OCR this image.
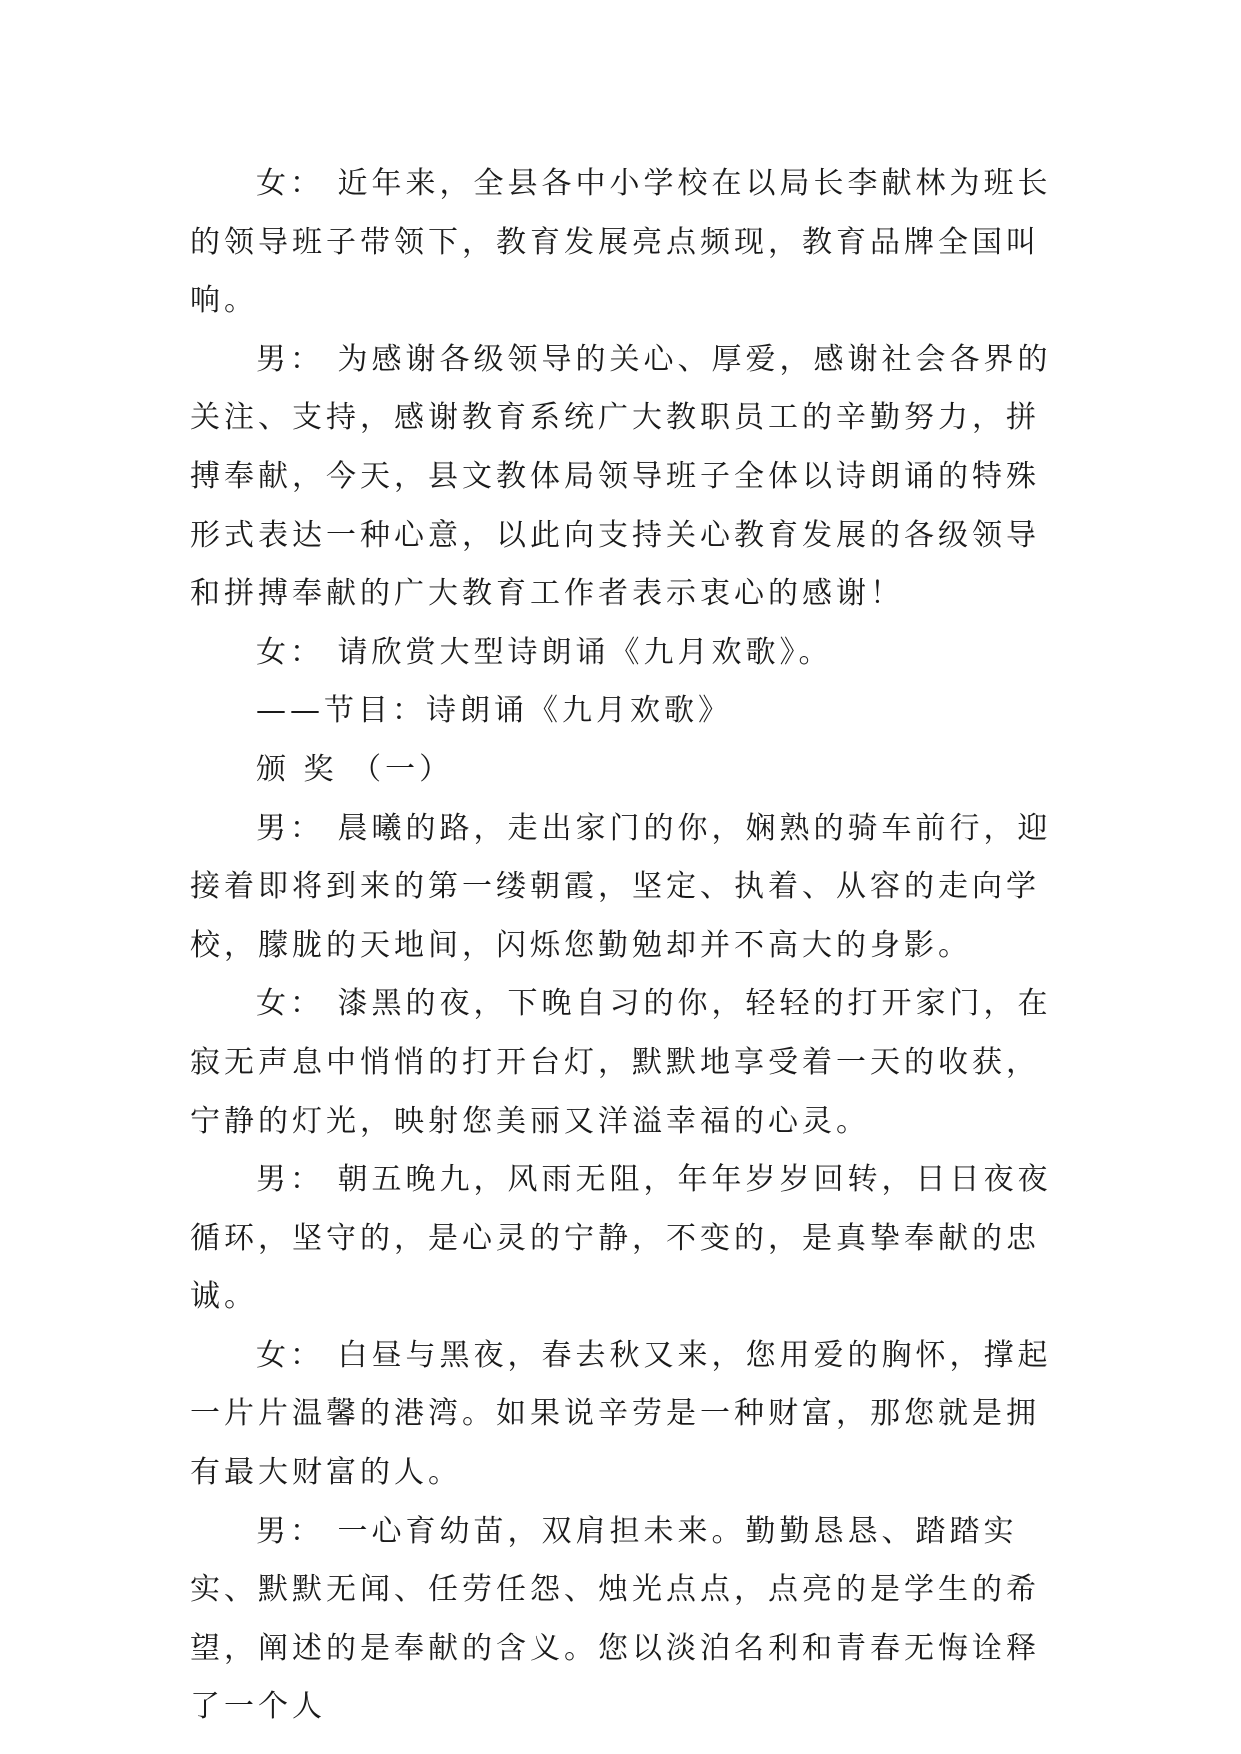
女： 近年来，全县各中小学校在以局长李献林为班长的领导班子带领下，教育发展亮点频现，教育品牌全国叫响。

男： 为感谢各级领导的关心、厚爱，感谢社会各界的关注、支持，感谢教育系统广大教职员工的辛勤努力，拼搏奉献，今天，县文教体局领导班子全体以诗朗诵的特殊形式表达一种心意，以此向支持关心教育发展的各级领导和拼搏奉献的广大教育工作者表示衷心的感谢！

女： 请欣赏大型诗朗诵《九月欢歌》。

——节目：诗朗诵《九月欢歌》

颁 奖 （一）

男： 晨曦的路，走出家门的你，娴熟的骑车前行，迎接着即将到来的第一缕朝霞，坚定、执着、从容的走向学校，朦胧的天地间，闪烁您勤勉却并不高大的身影。

女： 漆黑的夜，下晚自习的你，轻轻的打开家门，在寂无声息中悄悄的打开台灯，默默地享受着一天的收获，宁静的灯光，映射您美丽又洋溢幸福的心灵。

男： 朝五晚九，风雨无阻，年年岁岁回转，日日夜夜循环，坚守的，是心灵的宁静，不变的，是真挚奉献的忠诚。

女： 白昼与黑夜，春去秋又来，您用爱的胸怀，撑起一片片温馨的港湾。如果说辛劳是一种财富，那您就是拥有最大财富的人。

男： 一心育幼苗，双肩担未来。勤勤恳恳、踏踏实实、默默无闻、任劳任怨、烛光点点，点亮的是学生的希望，阐述的是奉献的含义。您以淡泊名利和青春无悔诠释了一个人
